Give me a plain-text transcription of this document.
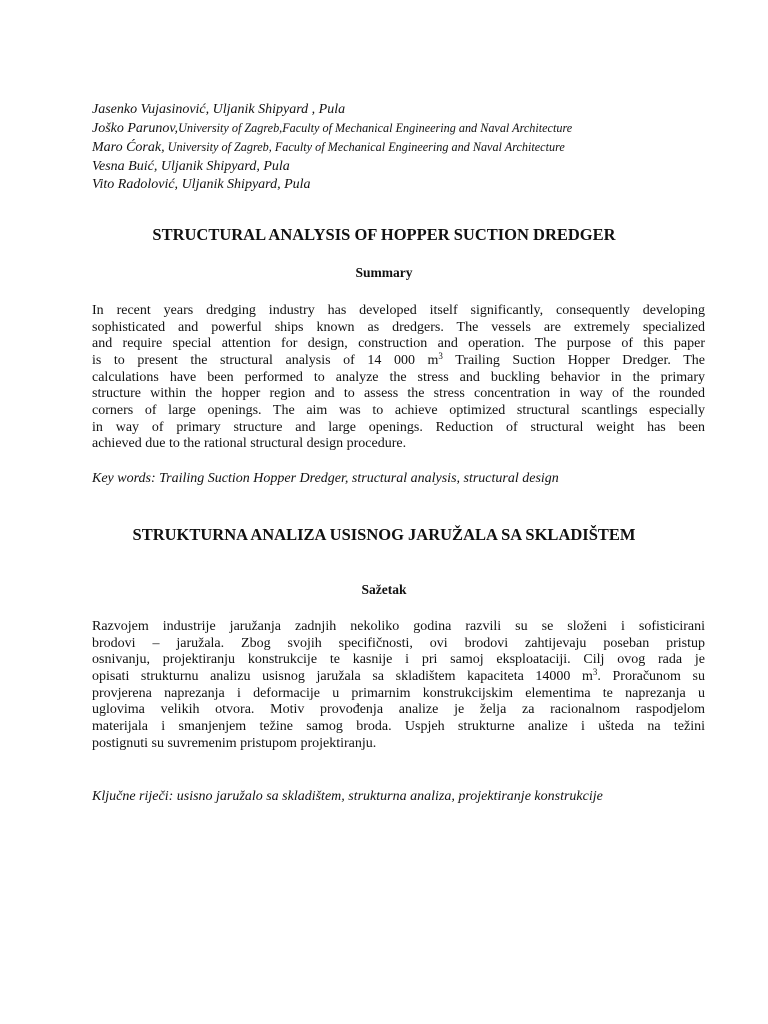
Jasenko Vujasinović, Uljanik Shipyard , Pula
Joško Parunov,University of Zagreb,Faculty of Mechanical Engineering and Naval Architecture
Maro Ćorak, University of Zagreb, Faculty of Mechanical Engineering and Naval Architecture
Vesna Buić, Uljanik Shipyard, Pula
Vito Radolović, Uljanik Shipyard, Pula
STRUCTURAL ANALYSIS OF HOPPER SUCTION DREDGER
Summary
In recent years dredging industry has developed itself significantly, consequently developing
sophisticated and powerful ships known as dredgers. The vessels are extremely specialized
and require special attention for design, construction and operation. The purpose of this paper
is to present the structural analysis of 14 000 $m^3$ Trailing Suction Hopper Dredger. The
calculations have been performed to analyze the stress and buckling behavior in the primary
structure within the hopper region and to assess the stress concentration in way of the rounded
corners of large openings. The aim was to achieve optimized structural scantlings especially
in way of primary structure and large openings. Reduction of structural weight has been
achieved due to the rational structural design procedure.
Key words: Trailing Suction Hopper Dredger, structural analysis, structural design
STRUKTURNA ANALIZA USISNOG JARUŽALA SA SKLADIŠTEM
Sažetak
Razvojem industrije jaružanja zadnjih nekoliko godina razvili su se složeni i sofisticirani
brodovi – jaružala. Zbog svojih specifičnosti, ovi brodovi zahtijevaju poseban pristup
osnivanju, projektiranju konstrukcije te kasnije i pri samoj eksploataciji. Cilj ovog rada je
opisati strukturnu analizu usisnog jaružala sa skladištem kapaciteta 14000 $m^3$. Proračunom su
provjerena naprezanja i deformacije u primarnim konstrukcijskim elementima te naprezanja u
uglovima velikih otvora. Motiv provođenja analize je želja za racionalnom raspodjelom
materijala i smanjenjem težine samog broda. Uspjeh strukturne analize i ušteda na težini
postignuti su suvremenim pristupom projektiranju.
Ključne riječi: usisno jaružalo sa skladištem, strukturna analiza, projektiranje konstrukcije
